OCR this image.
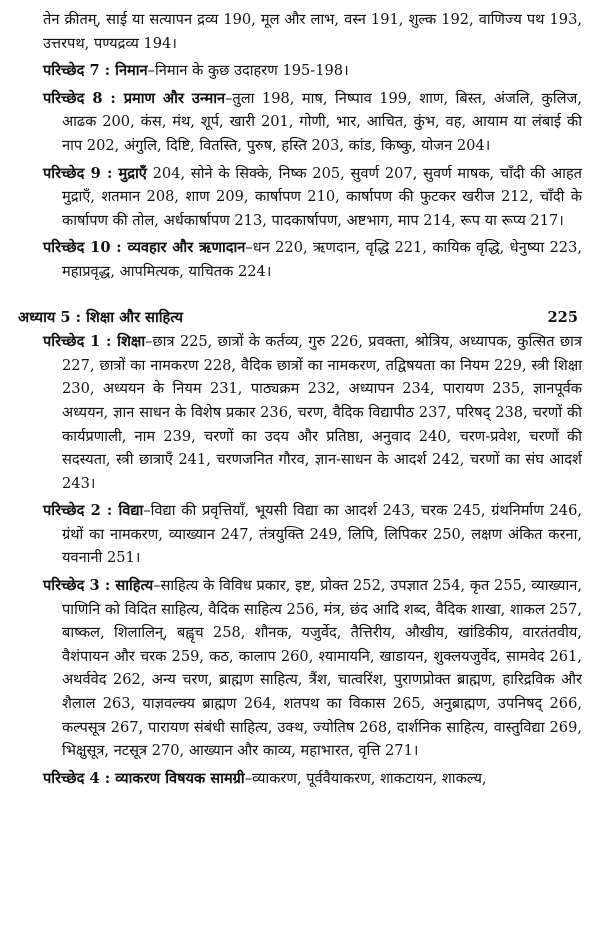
तेन क्रीतम्, साई या सत्यापन द्रव्य 190, मूल और लाभ, वस्न 191, शुल्क 192, वाणिज्य पथ 193, उत्तरपथ, पण्यद्रव्य 194।

परिच्छेद 7 : निमान–निमान के कुछ उदाहरण 195-198।

परिच्छेद 8 : प्रमाण और उन्मान–तुला 198, माष, निष्पाव 199, शाण, बिस्त, अंजलि, कुलिज, आढक 200, कंस, मंथ, शूर्प, खारी 201, गोणी, भार, आचित, कुंभ, वह, आयाम या लंबाई की नाप 202, अंगुलि, दिष्टि, वितस्ति, पुरुष, हस्ति 203, कांड, किष्कु, योजन 204।

परिच्छेद 9 : मुद्राएँ 204, सोने के सिक्के, निष्क 205, सुवर्ण 207, सुवर्ण माषक, चाँदी की आहत मुद्राएँ, शतमान 208, शाण 209, कार्षापण 210, कार्षापण की फुटकर खरीज 212, चाँदी के कार्षापण की तोल, अर्धकार्षापण 213, पादकार्षापण, अष्टभाग, माप 214, रूप या रूप्य 217।

परिच्छेद 10 : व्यवहार और ऋणादान–धन 220, ऋणदान, वृद्धि 221, कायिक वृद्धि, धेनुष्या 223, महाप्रवृद्ध, आपमित्यक, याचितक 224।

अध्याय 5 : शिक्षा और साहित्य	225

परिच्छेद 1 : शिक्षा–छात्र 225, छात्रों के कर्तव्य, गुरु 226, प्रवक्ता, श्रोत्रिय, अध्यापक, कुत्सित छात्र 227, छात्रों का नामकरण 228, वैदिक छात्रों का नामकरण, तद्विषयता का नियम 229, स्त्री शिक्षा 230, अध्ययन के नियम 231, पाठ्यक्रम 232, अध्यापन 234, पारायण 235, ज्ञानपूर्वक अध्ययन, ज्ञान साधन के विशेष प्रकार 236, चरण, वैदिक विद्यापीठ 237, परिषद् 238, चरणों की कार्यप्रणाली, नाम 239, चरणों का उदय और प्रतिष्ठा, अनुवाद 240, चरण-प्रवेश, चरणों की सदस्यता, स्त्री छात्राएँ 241, चरणजनित गौरव, ज्ञान-साधन के आदर्श 242, चरणों का संघ आदर्श 243।

परिच्छेद 2 : विद्या–विद्या की प्रवृत्तियाँ, भूयसी विद्या का आदर्श 243, चरक 245, ग्रंथनिर्माण 246, ग्रंथों का नामकरण, व्याख्यान 247, तंत्रयुक्ति 249, लिपि, लिपिकर 250, लक्षण अंकित करना, यवनानी 251।

परिच्छेद 3 : साहित्य–साहित्य के विविध प्रकार, इष्ट, प्रोक्त 252, उपज्ञात 254, कृत 255, व्याख्यान, पाणिनि को विदित साहित्य, वैदिक साहित्य 256, मंत्र, छंद आदि शब्द, वैदिक शाखा, शाकल 257, बाष्कल, शिलालिन्, बह्वृच 258, शौनक, यजुर्वेद, तैत्तिरीय, औखीय, खांडिकीय, वारतंतवीय, वैशंपायन और चरक 259, कठ, कालाप 260, श्यामायनि, खाडायन, शुक्लयजुर्वेद, सामवेद 261, अथर्ववेद 262, अन्य चरण, ब्राह्मण साहित्य, त्रैंश, चात्वरिंश, पुराणप्रोक्त ब्राह्मण, हारिद्रविक और शैलाल 263, याज्ञवल्क्य ब्राह्मण 264, शतपथ का विकास 265, अनुब्राह्मण, उपनिषद् 266, कल्पसूत्र 267, पारायण संबंधी साहित्य, उक्थ, ज्योतिष 268, दार्शनिक साहित्य, वास्तुविद्या 269, भिक्षुसूत्र, नटसूत्र 270, आख्यान और काव्य, महाभारत, वृत्ति 271।

परिच्छेद 4 : व्याकरण विषयक सामग्री–व्याकरण, पूर्ववैयाकरण, शाकटायन, शाकल्य,
